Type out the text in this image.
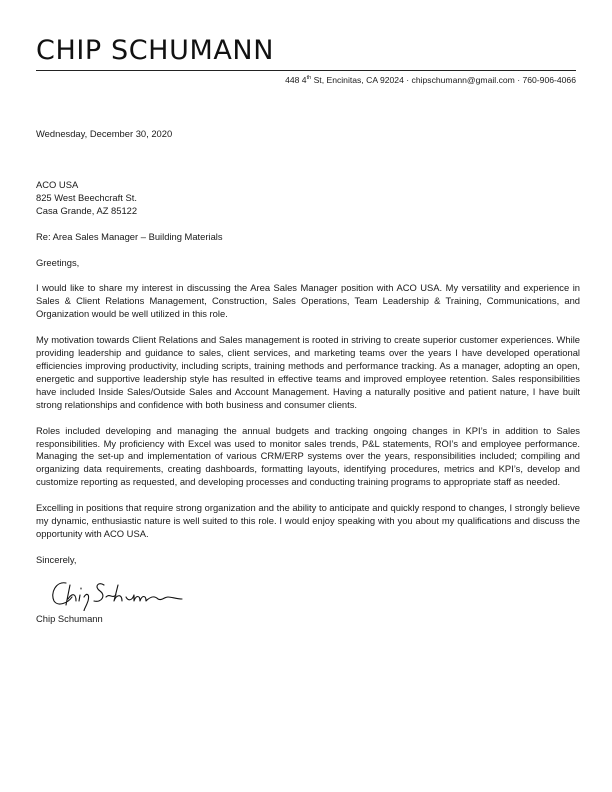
CHIP SCHUMANN
448 4th St, Encinitas, CA 92024 · chipschumann@gmail.com · 760-906-4066

Wednesday, December 30, 2020

ACO USA

825 West Beechcraft St.

Casa Grande, AZ 85122

Re: Area Sales Manager – Building Materials

Greetings,

I would like to share my interest in discussing the Area Sales Manager position with ACO USA. My versatility and experience in Sales & Client Relations Management, Construction, Sales Operations, Team Leadership & Training, Communications, and Organization would be well utilized in this role.

My motivation towards Client Relations and Sales management is rooted in striving to create superior customer experiences. While providing leadership and guidance to sales, client services, and marketing teams over the years I have developed operational efficiencies improving productivity, including scripts, training methods and performance tracking. As a manager, adopting an open, energetic and supportive leadership style has resulted in effective teams and improved employee retention. Sales responsibilities have included Inside Sales/Outside Sales and Account Management. Having a naturally positive and patient nature, I have built strong relationships and confidence with both business and consumer clients.

Roles included developing and managing the annual budgets and tracking ongoing changes in KPI’s in addition to Sales responsibilities. My proficiency with Excel was used to monitor sales trends, P&L statements, ROI’s and employee performance. Managing the set-up and implementation of various CRM/ERP systems over the years, responsibilities included; compiling and organizing data requirements, creating dashboards, formatting layouts, identifying procedures, metrics and KPI’s, develop and customize reporting as requested, and developing processes and conducting training programs to appropriate staff as needed.

Excelling in positions that require strong organization and the ability to anticipate and quickly respond to changes, I strongly believe my dynamic, enthusiastic nature is well suited to this role. I would enjoy speaking with you about my qualifications and discuss the opportunity with ACO USA.

Sincerely,

Chip Schumann
